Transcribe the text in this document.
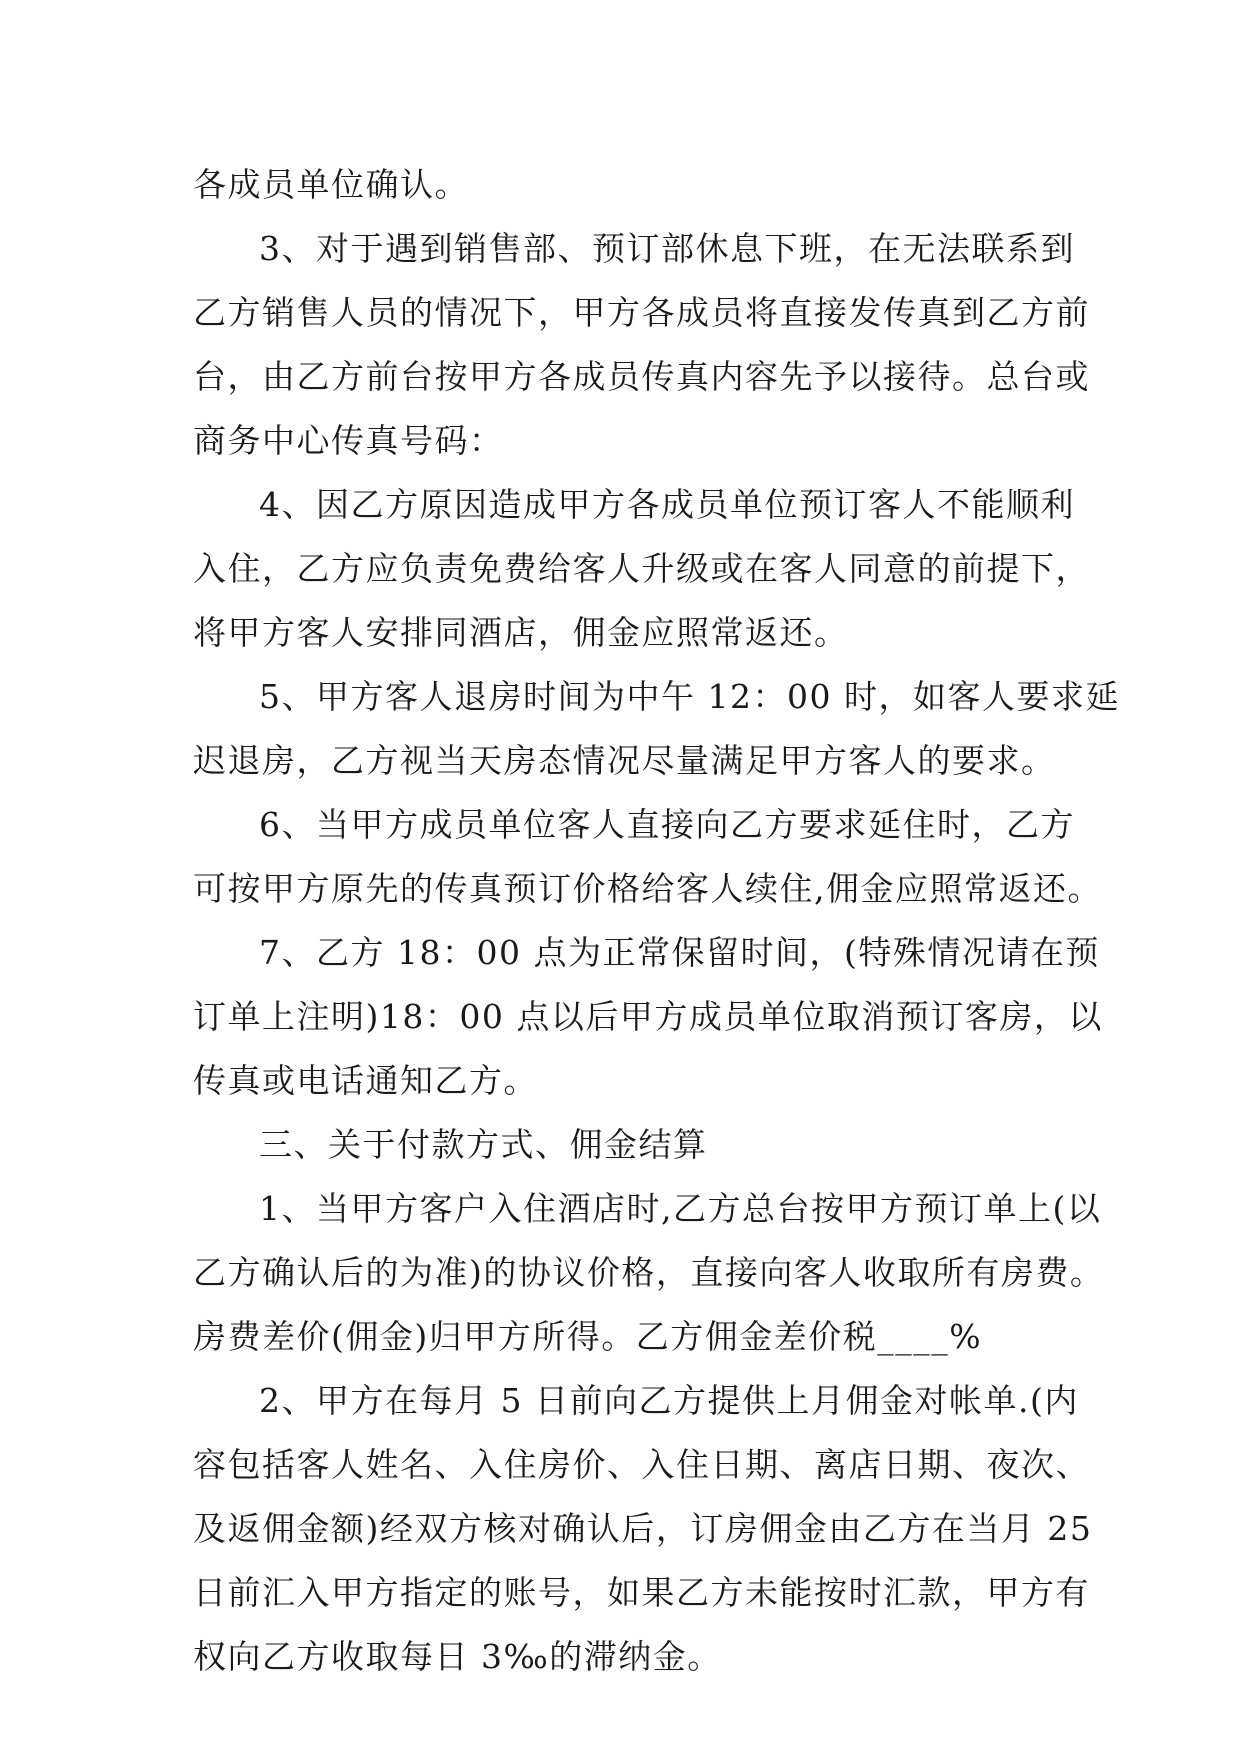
各成员单位确认。
3、对于遇到销售部、预订部休息下班，在无法联系到
乙方销售人员的情况下，甲方各成员将直接发传真到乙方前
台，由乙方前台按甲方各成员传真内容先予以接待。总台或
商务中心传真号码：
4、因乙方原因造成甲方各成员单位预订客人不能顺利
入住，乙方应负责免费给客人升级或在客人同意的前提下，
将甲方客人安排同酒店，佣金应照常返还。
5、甲方客人退房时间为中午 12：00 时，如客人要求延
迟退房，乙方视当天房态情况尽量满足甲方客人的要求。
6、当甲方成员单位客人直接向乙方要求延住时，乙方
可按甲方原先的传真预订价格给客人续住,佣金应照常返还。
7、乙方 18：00 点为正常保留时间，(特殊情况请在预
订单上注明)18：00 点以后甲方成员单位取消预订客房，以
传真或电话通知乙方。
三、关于付款方式、佣金结算
1、当甲方客户入住酒店时,乙方总台按甲方预订单上(以
乙方确认后的为准)的协议价格，直接向客人收取所有房费。
房费差价(佣金)归甲方所得。乙方佣金差价税____%
2、甲方在每月 5 日前向乙方提供上月佣金对帐单.(内
容包括客人姓名、入住房价、入住日期、离店日期、夜次、
及返佣金额)经双方核对确认后，订房佣金由乙方在当月 25
日前汇入甲方指定的账号，如果乙方未能按时汇款，甲方有
权向乙方收取每日 3‰的滞纳金。
